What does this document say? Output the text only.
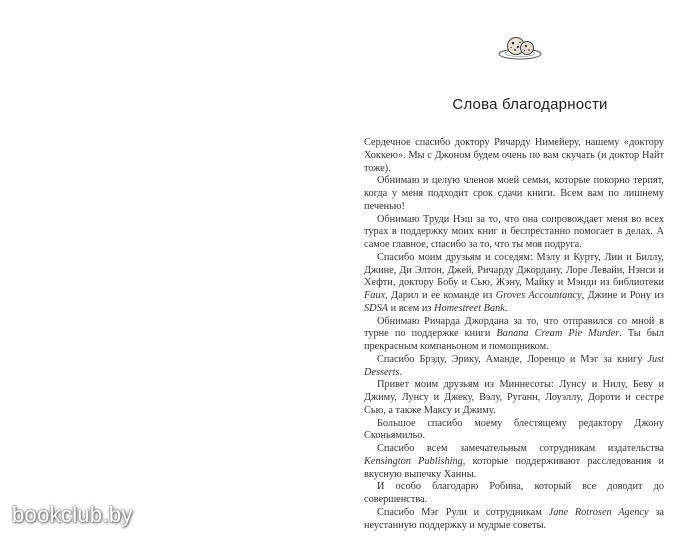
Слова благодарности

Сердечное спасибо доктору Ричарду Нимейеру, нашему «доктору Хоккею». Мы с Джоном будем очень по вам скучать (и доктор Найт тоже).

Обнимаю и целую членов моей семьи, которые покорно терпят, когда у меня подходит срок сдачи книги. Всем вам по лишнему печенью!

Обнимаю Труди Нэш за то, что она сопровождает меня во всех турах в поддержку моих книг и беспрестанно помогает в делах. А самое главное, спасибо за то, что ты моя подруга.

Спасибо моим друзьям и соседям: Мэлу и Курту, Лии и Биллу, Джине, Ди Элтон, Джей, Ричарду Джордану, Лоре Левайн, Нэнси и Хефти, доктору Бобу и Сью, Жэну, Майку и Мэнди из библиотеки Faux, Дарил и ее команде из Groves Accountancy, Джине и Рону из SDSA и всем из Homestreet Bank.

Обнимаю Ричарда Джордана за то, что отправился со мной в турне по поддержке книги Banana Cream Pie Murder. Ты был прекрасным компаньоном и помощником.

Спасибо Брэду, Эрику, Аманде, Лоренцо и Мэг за книгу Just Desserts.

Привет моим друзьям из Миннесоты: Лунсу и Нилу, Беву и Джиму, Лунсу и Джеку, Вэлу, Руганн, Лоуэллу, Дороти и сестре Сью, а также Максу и Джиму.

Большое спасибо моему блестящему редактору Джону Сконьямильо.

Спасибо всем замечательным сотрудникам издательства Kensington Publishing, которые поддерживают расследования и вкусную выпечку Ханны.

И особо благодарю Робина, который все доводит до совершенства.

Спасибо Мэг Рули и сотрудникам Jane Rotrosen Agency за неустанную поддержку и мудрые советы.

bookclub.by
